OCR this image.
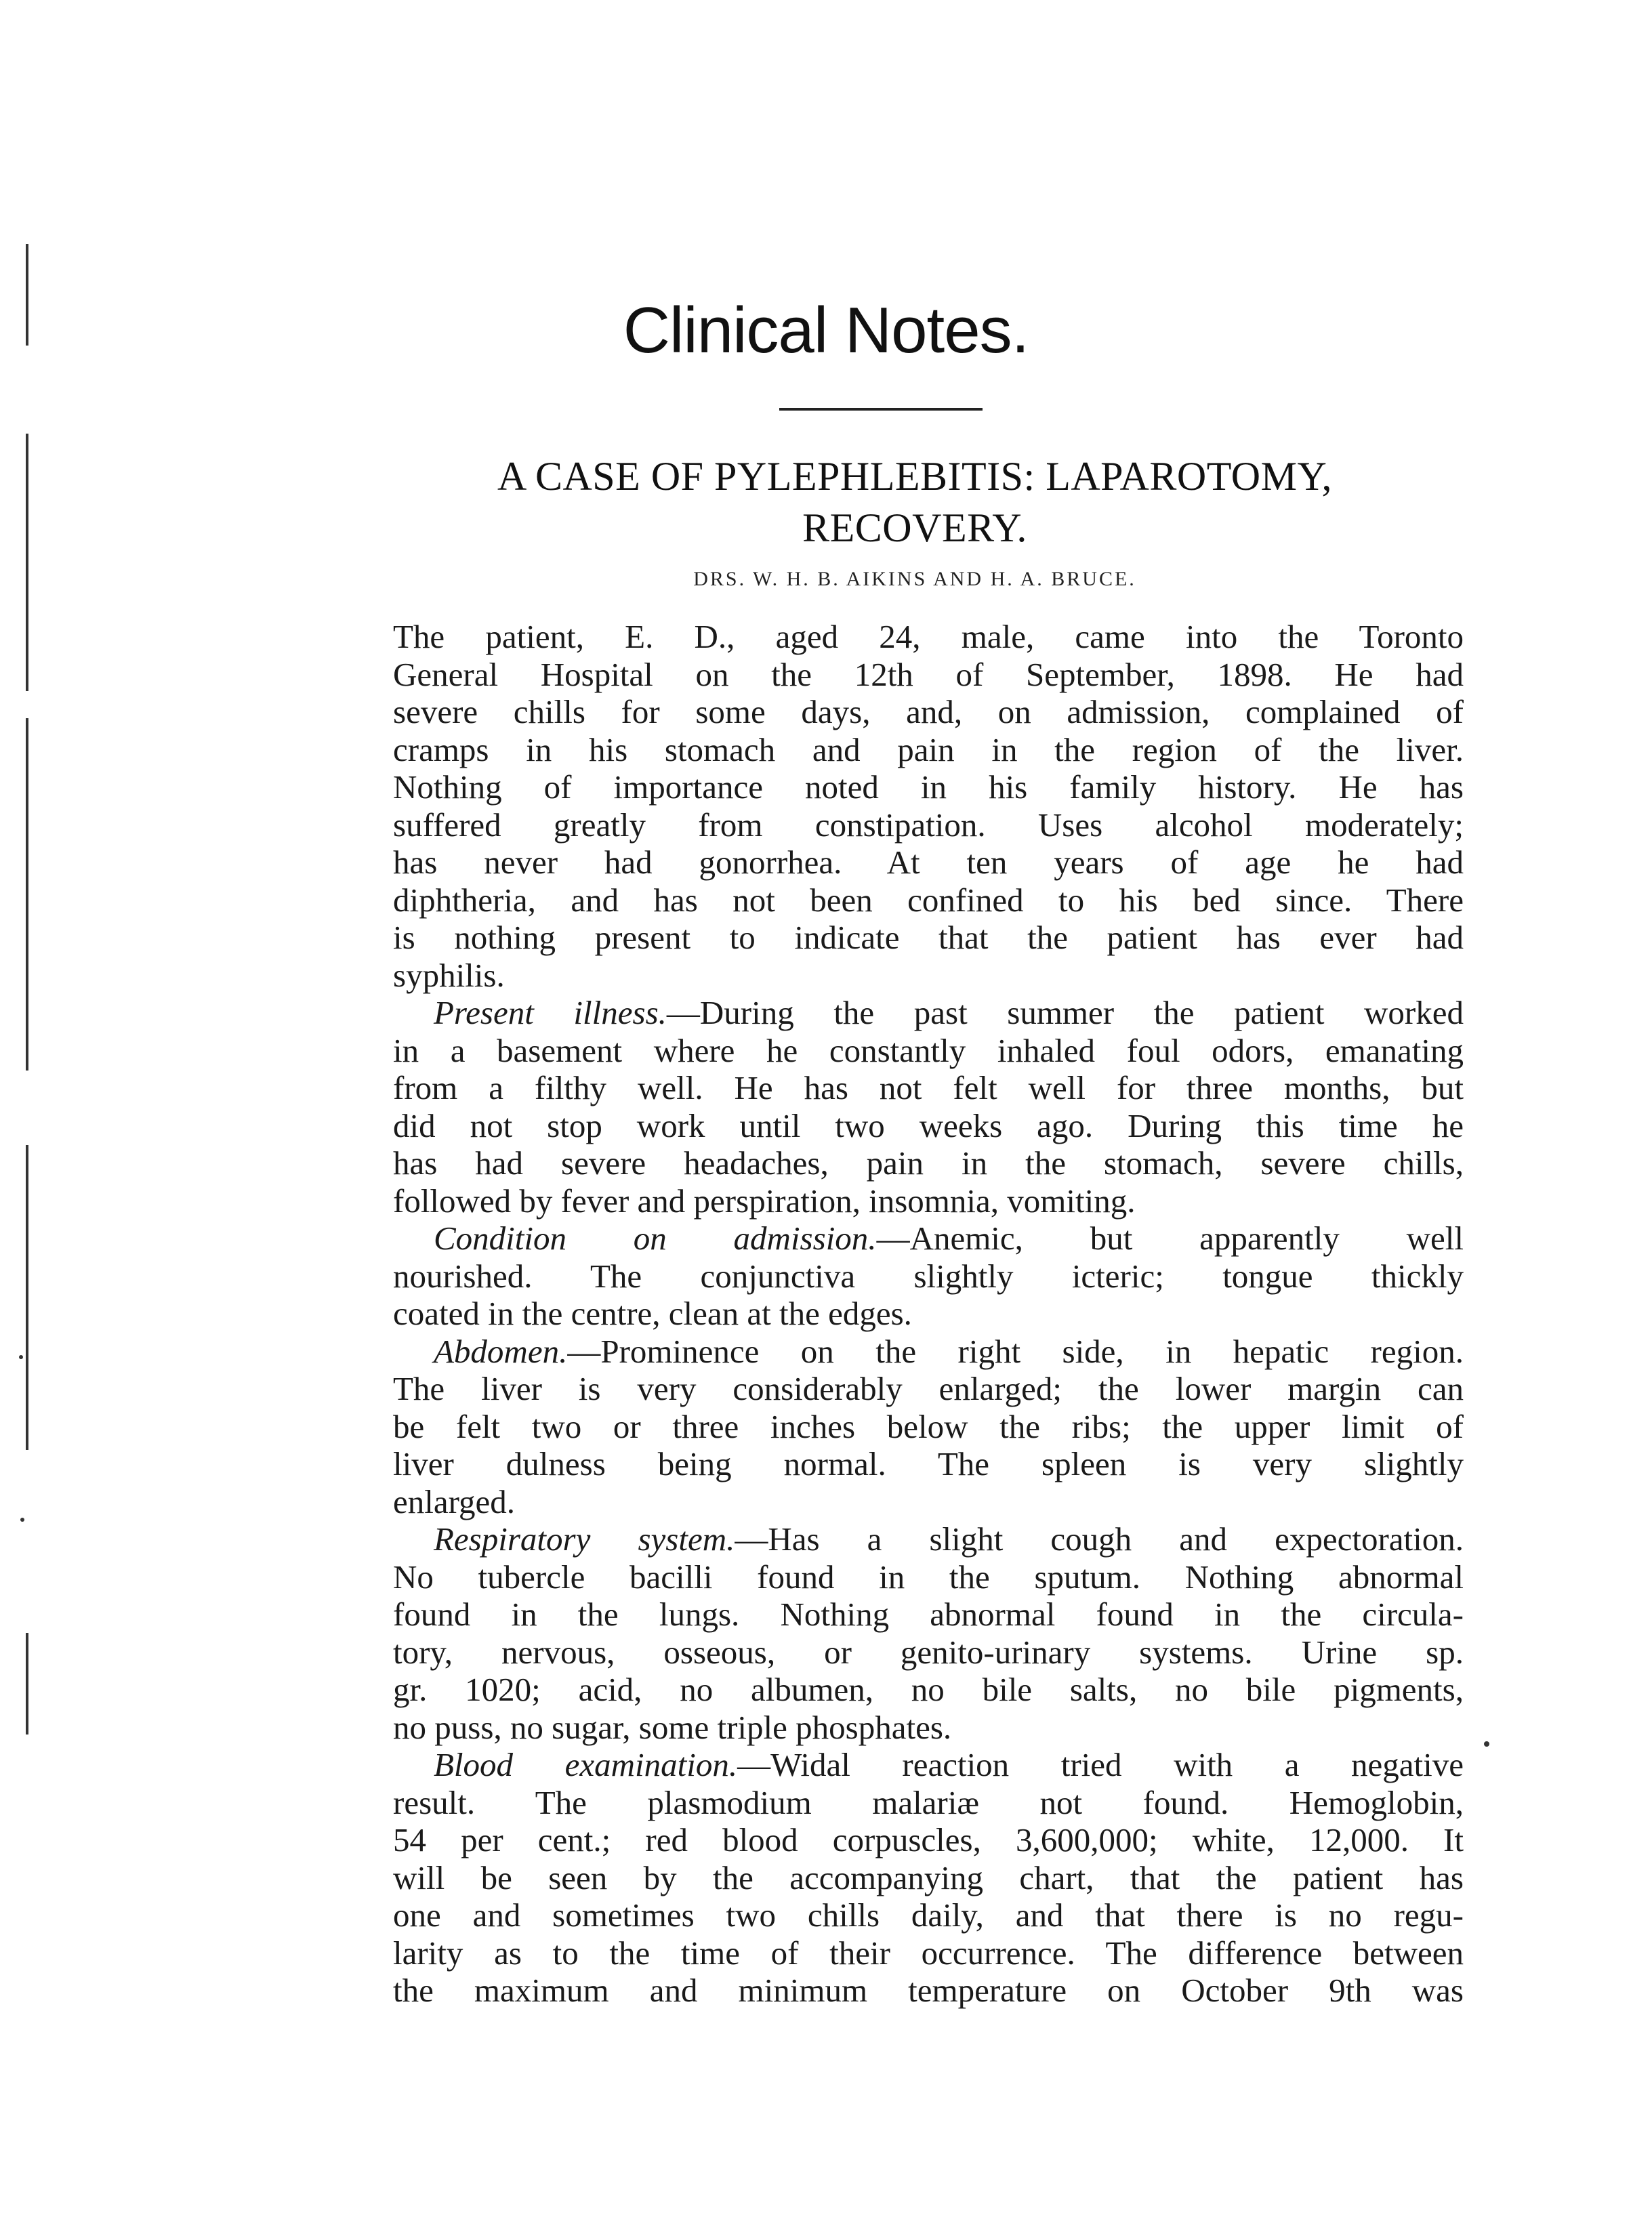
Clinical Notes.
A CASE OF PYLEPHLEBITIS: LAPAROTOMY,
RECOVERY.
DRS. W. H. B. AIKINS AND H. A. BRUCE.
The patient, E. D., aged 24, male, came into the Toronto
General Hospital on the 12th of September, 1898. He had
severe chills for some days, and, on admission, complained of
cramps in his stomach and pain in the region of the liver.
Nothing of importance noted in his family history. He has
suffered greatly from constipation. Uses alcohol moderately;
has never had gonorrhea. At ten years of age he had
diphtheria, and has not been confined to his bed since. There
is nothing present to indicate that the patient has ever had
syphilis.
Present illness.—During the past summer the patient worked
in a basement where he constantly inhaled foul odors, emanating
from a filthy well. He has not felt well for three months, but
did not stop work until two weeks ago. During this time he
has had severe headaches, pain in the stomach, severe chills,
followed by fever and perspiration, insomnia, vomiting.
Condition on admission.—Anemic, but apparently well
nourished. The conjunctiva slightly icteric; tongue thickly
coated in the centre, clean at the edges.
Abdomen.—Prominence on the right side, in hepatic region.
The liver is very considerably enlarged; the lower margin can
be felt two or three inches below the ribs; the upper limit of
liver dulness being normal. The spleen is very slightly
enlarged.
Respiratory system.—Has a slight cough and expectoration.
No tubercle bacilli found in the sputum. Nothing abnormal
found in the lungs. Nothing abnormal found in the circula-
tory, nervous, osseous, or genito-urinary systems. Urine sp.
gr. 1020; acid, no albumen, no bile salts, no bile pigments,
no puss, no sugar, some triple phosphates.
Blood examination.—Widal reaction tried with a negative
result. The plasmodium malariæ not found. Hemoglobin,
54 per cent.; red blood corpuscles, 3,600,000; white, 12,000. It
will be seen by the accompanying chart, that the patient has
one and sometimes two chills daily, and that there is no regu-
larity as to the time of their occurrence. The difference between
the maximum and minimum temperature on October 9th was
